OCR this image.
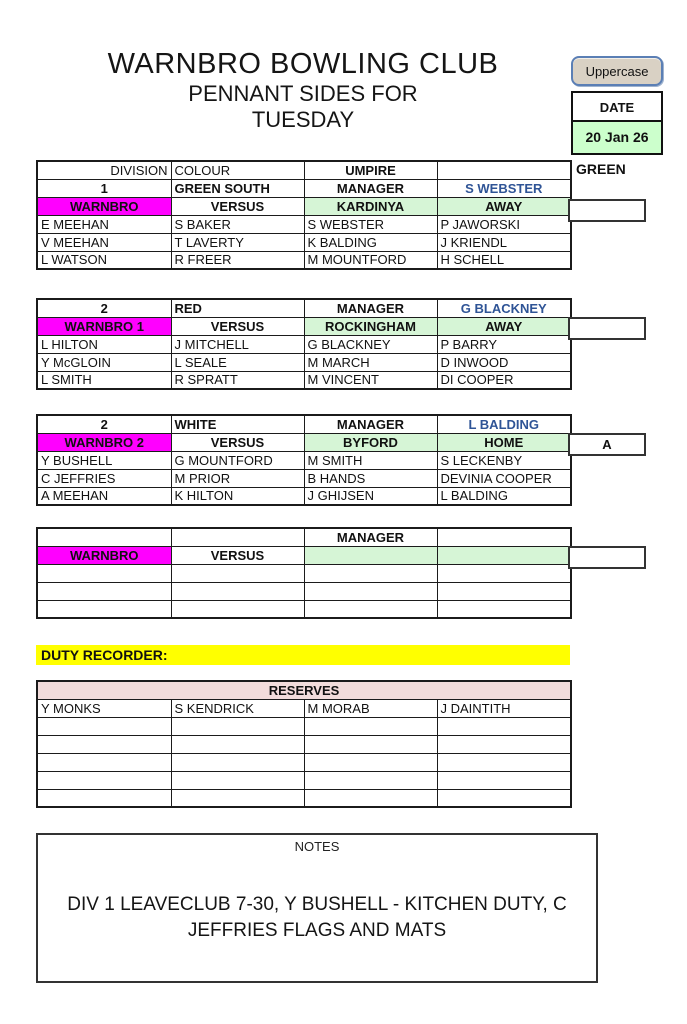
WARNBRO BOWLING CLUB
PENNANT SIDES FOR
TUESDAY
Uppercase
DATE
20 Jan 26
DIVISION	COLOUR	UMPIRE	
1	GREEN SOUTH	MANAGER	S WEBSTER
WARNBRO	VERSUS	KARDINYA	AWAY
E MEEHAN	S BAKER	S WEBSTER	P JAWORSKI
V MEEHAN	T LAVERTY	K BALDING	J KRIENDL
L WATSON	R FREER	M MOUNTFORD	H SCHELL
GREEN
2	RED	MANAGER	G BLACKNEY
WARNBRO 1	VERSUS	ROCKINGHAM	AWAY
L HILTON	J MITCHELL	G BLACKNEY	P BARRY
Y McGLOIN	L SEALE	M MARCH	D INWOOD
L SMITH	R SPRATT	M VINCENT	DI COOPER
2	WHITE	MANAGER	L BALDING
WARNBRO 2	VERSUS	BYFORD	HOME
Y BUSHELL	G MOUNTFORD	M SMITH	S LECKENBY
C JEFFRIES	M PRIOR	B HANDS	DEVINIA COOPER
A MEEHAN	K HILTON	J GHIJSEN	L BALDING
A
		MANAGER	
WARNBRO	VERSUS		

DUTY RECORDER:
RESERVES			
Y MONKS	S KENDRICK	M MORAB	J DAINTITH

NOTES
DIV 1 LEAVECLUB 7-30, Y BUSHELL - KITCHEN DUTY, C JEFFRIES FLAGS AND MATS
